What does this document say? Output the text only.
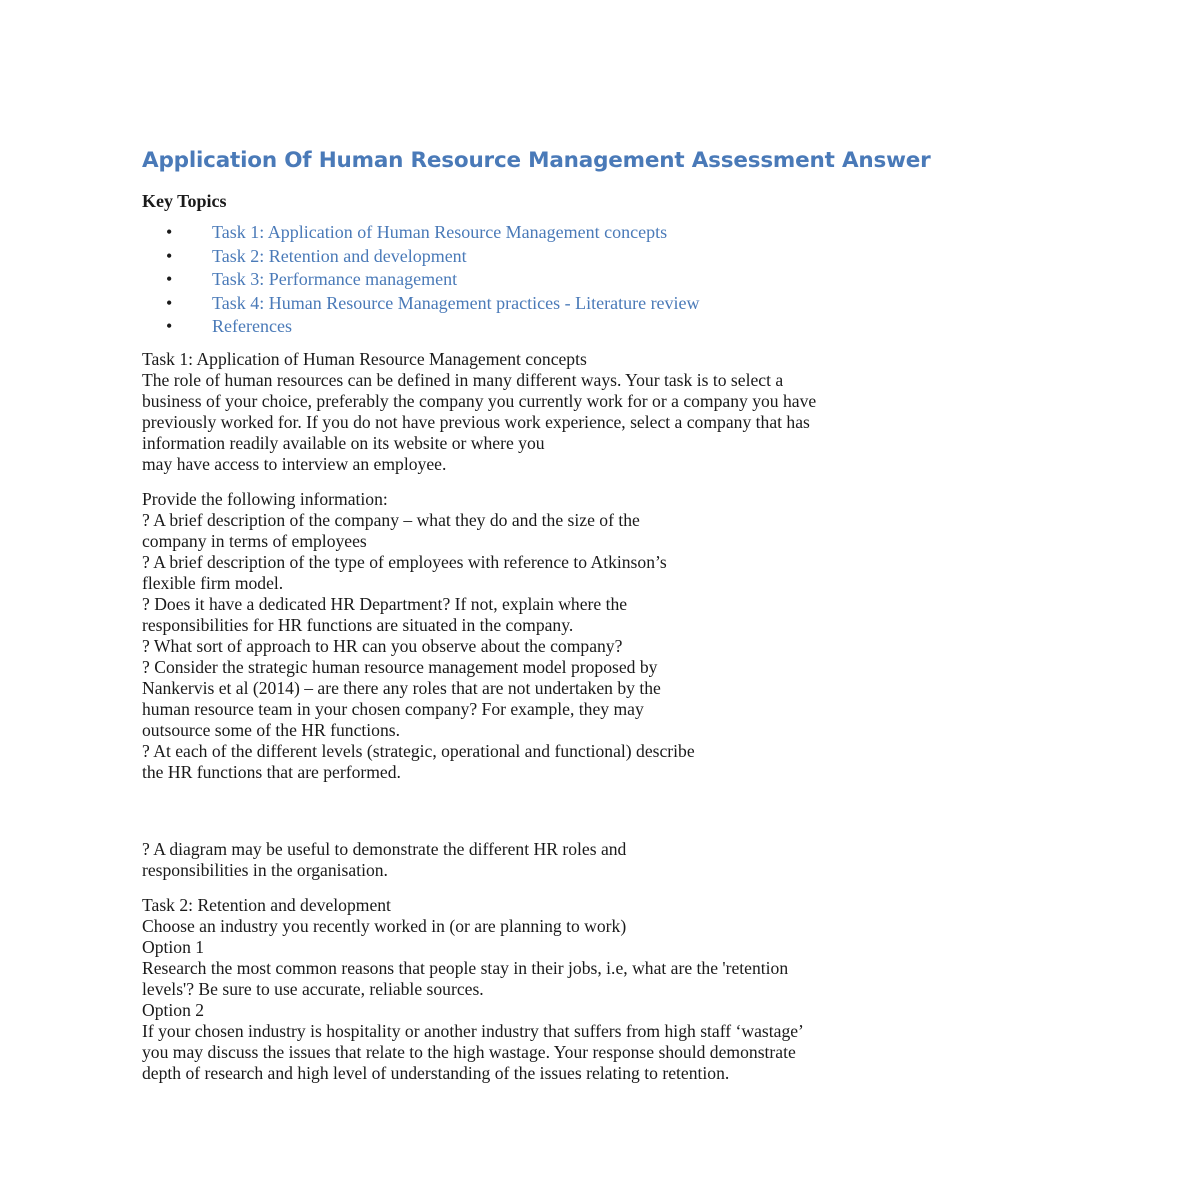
Application Of Human Resource Management Assessment Answer
Key Topics
• Task 1: Application of Human Resource Management concepts
• Task 2: Retention and development
• Task 3: Performance management
• Task 4: Human Resource Management practices - Literature review
• References

Task 1: Application of Human Resource Management concepts

The role of human resources can be defined in many different ways. Your task is to select a

business of your choice, preferably the company you currently work for or a company you have

previously worked for. If you do not have previous work experience, select a company that has

information readily available on its website or where you

may have access to interview an employee.

Provide the following information:

? A brief description of the company – what they do and the size of the

company in terms of employees

? A brief description of the type of employees with reference to Atkinson’s

flexible firm model.

? Does it have a dedicated HR Department? If not, explain where the

responsibilities for HR functions are situated in the company.

? What sort of approach to HR can you observe about the company?

? Consider the strategic human resource management model proposed by

Nankervis et al (2014) – are there any roles that are not undertaken by the

human resource team in your chosen company? For example, they may

outsource some of the HR functions.

? At each of the different levels (strategic, operational and functional) describe

the HR functions that are performed.

? A diagram may be useful to demonstrate the different HR roles and

responsibilities in the organisation.

Task 2: Retention and development

Choose an industry you recently worked in (or are planning to work)

Option 1

Research the most common reasons that people stay in their jobs, i.e, what are the 'retention

levels'? Be sure to use accurate, reliable sources.

Option 2

If your chosen industry is hospitality or another industry that suffers from high staff ‘wastage’

you may discuss the issues that relate to the high wastage. Your response should demonstrate

depth of research and high level of understanding of the issues relating to retention.
